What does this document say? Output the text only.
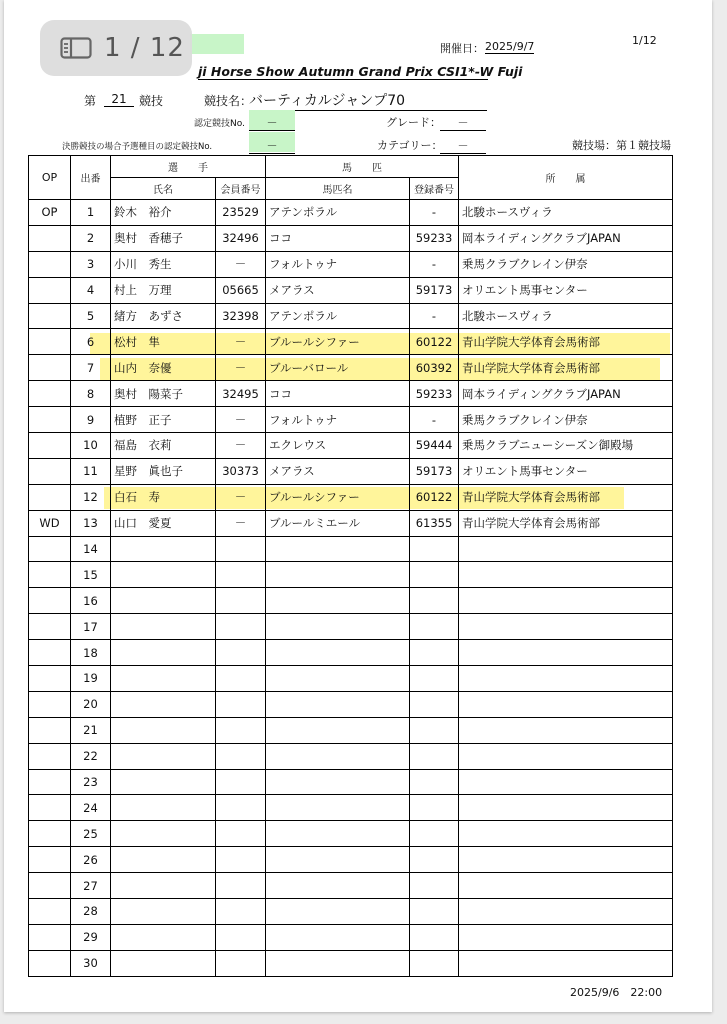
開催日： 2025/9/7	1/12
ji Horse Show Autumn Grand Prix CSI1*-W Fuji
第	21	競技	競技名：
バーティカルジャンプ70
認定競技No.	－	グレード：	－
決勝競技の場合予選種目の認定競技No.	－	カテゴリー：	－	競技場：第１競技場
OP	出番	選　　手		馬　　匹		所　　属
		氏名	会員番号	馬匹名	登録番号	
OP	1	鈴木　裕介	23529	アテンポラル	-	北駿ホースヴィラ
	2	奥村　香穂子	32496	ココ	59233	岡本ライディングクラブJAPAN
	3	小川　秀生	－	フォルトゥナ	-	乗馬クラブクレイン伊奈
	4	村上　万理	05665	メアラス	59173	オリエント馬事センター
	5	緒方　あずさ	32398	アテンポラル	-	北駿ホースヴィラ
	6	松村　隼	－	ブルールシファー	60122	青山学院大学体育会馬術部
	7	山内　奈優	－	ブルーバロール	60392	青山学院大学体育会馬術部
	8	奥村　陽菜子	32495	ココ	59233	岡本ライディングクラブJAPAN
	9	植野　正子	－	フォルトゥナ	-	乗馬クラブクレイン伊奈
	10	福島　衣莉	－	エクレウス	59444	乗馬クラブニューシーズン御殿場
	11	星野　眞也子	30373	メアラス	59173	オリエント馬事センター
	12	白石　寿	－	ブルールシファー	60122	青山学院大学体育会馬術部
WD	13	山口　愛夏	－	ブルールミエール	61355	青山学院大学体育会馬術部
	14					
	15					
	16					
	17					
	18					
	19					
	20					
	21					
	22					
	23					
	24					
	25					
	26					
	27					
	28					
	29					
	30					
2025/9/6　22:00
1 / 12
